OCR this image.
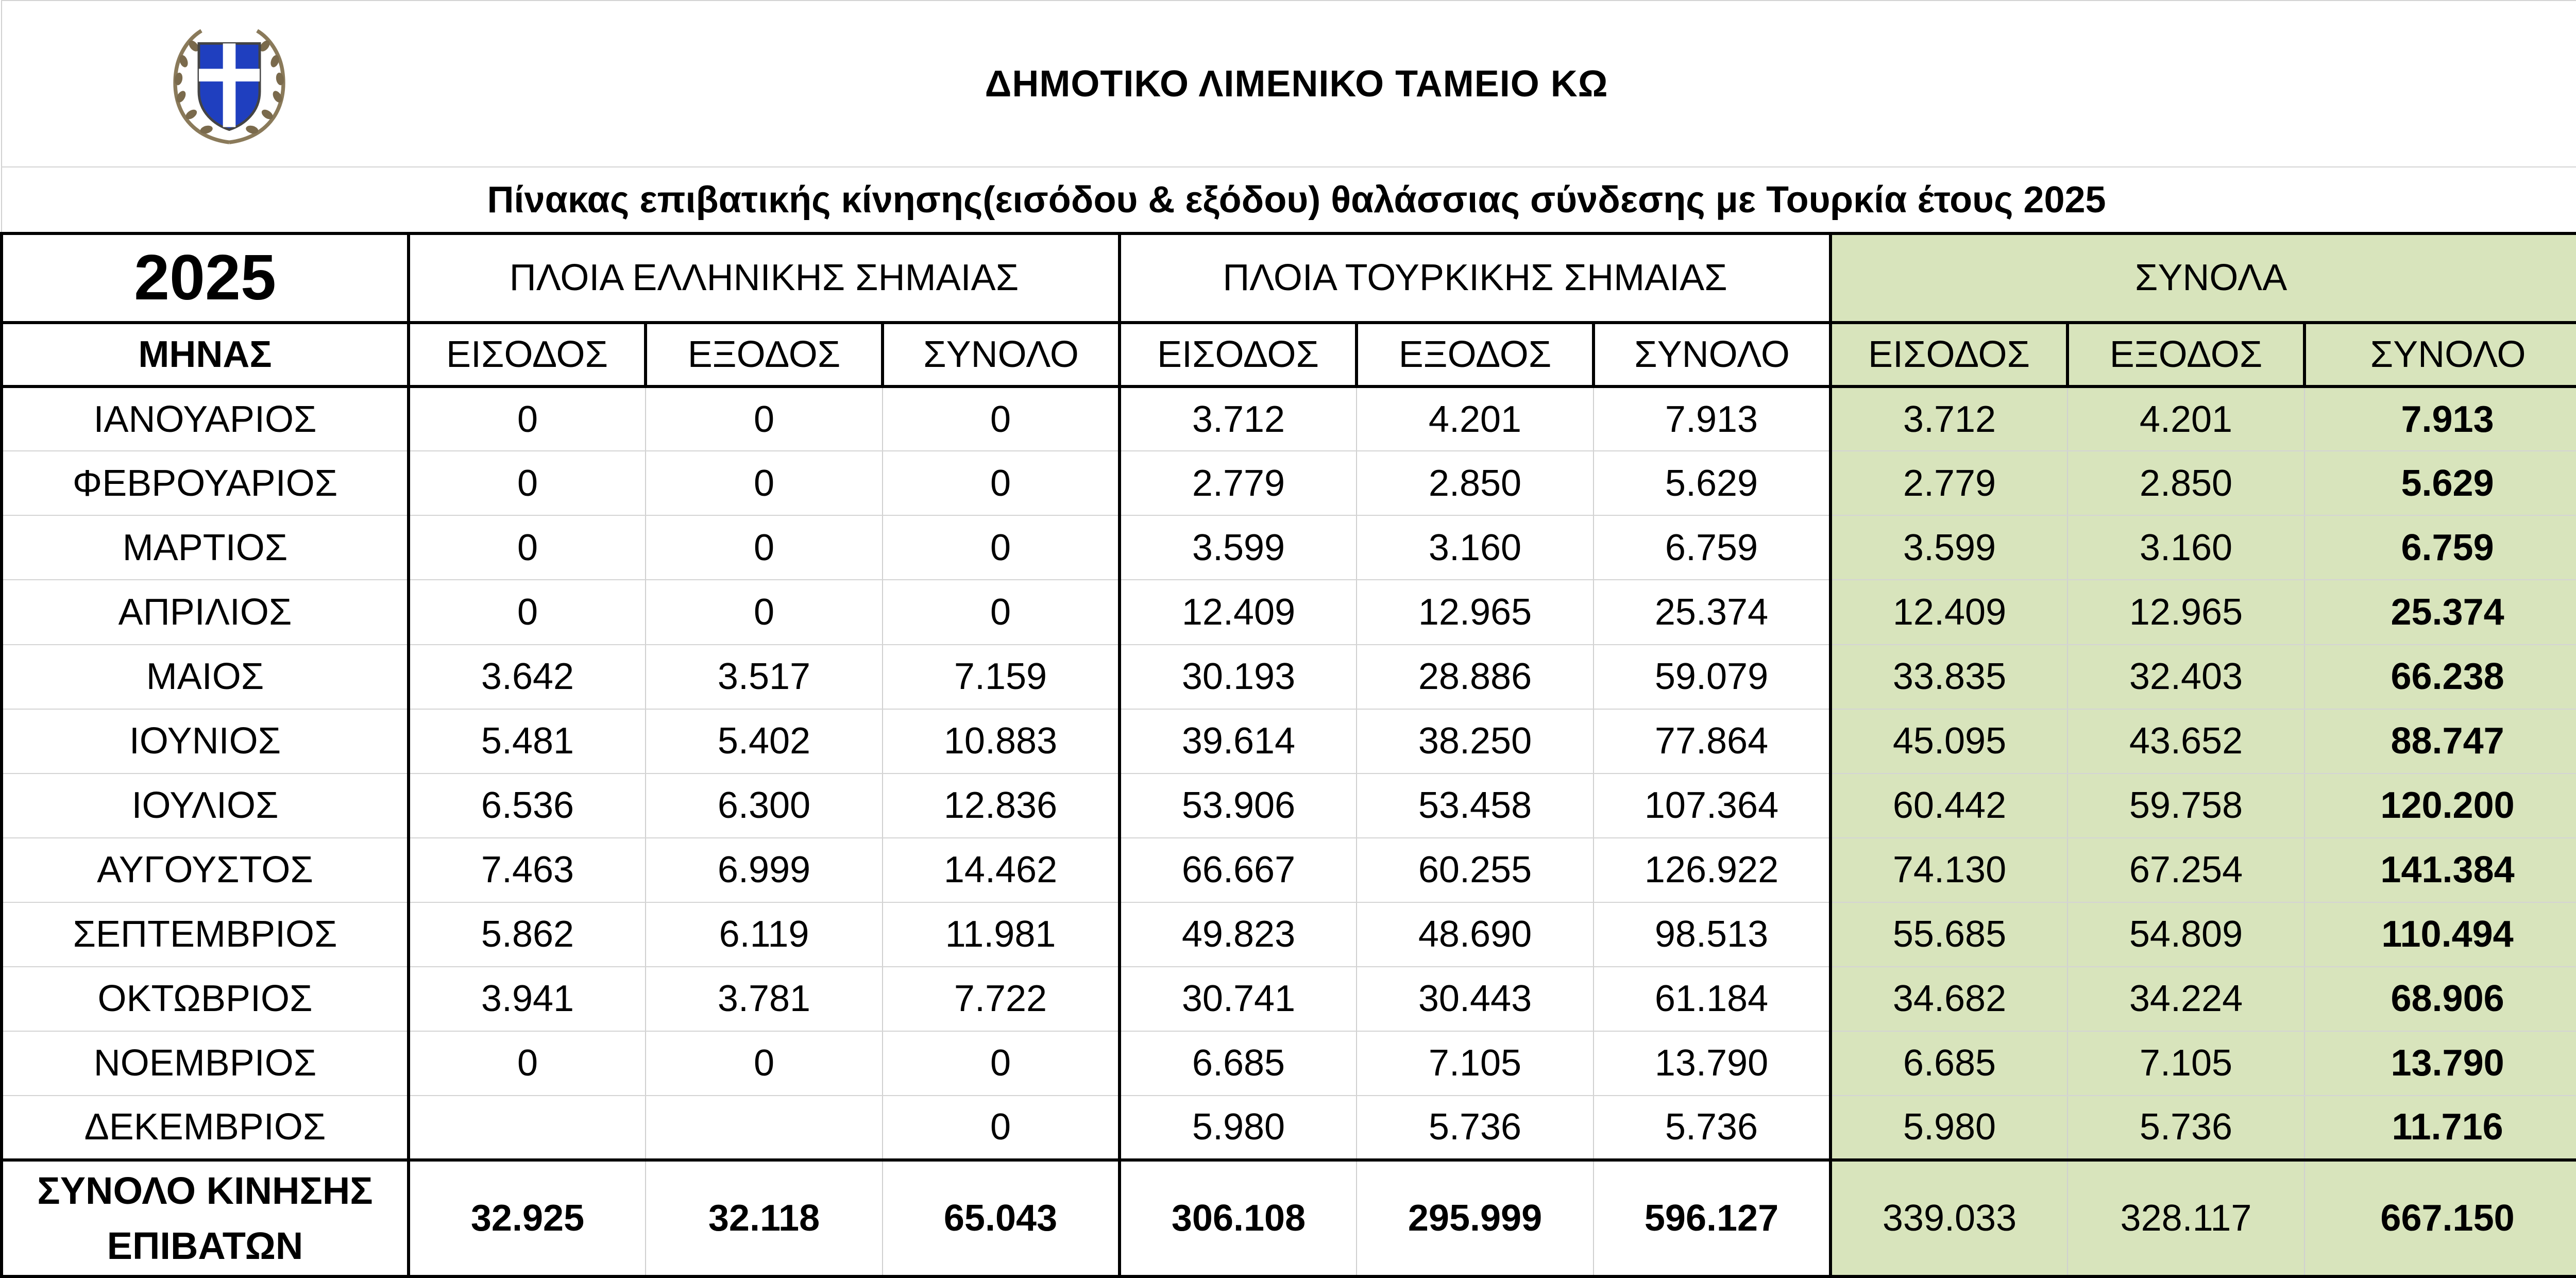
ΔΗΜΟΤΙΚΟ ΛΙΜΕΝΙΚΟ ΤΑΜΕΙΟ ΚΩ									
Πίνακας επιβατικής κίνησης(εισόδου & εξόδου) θαλάσσιας σύνδεσης με Τουρκία έτους 2025									
2025	ΠΛΟΙΑ ΕΛΛΗΝΙΚΗΣ ΣΗΜΑΙΑΣ			ΠΛΟΙΑ ΤΟΥΡΚΙΚΗΣ ΣΗΜΑΙΑΣ			ΣΥΝΟΛΑ		
ΜΗΝΑΣ	ΕΙΣΟΔΟΣ	ΕΞΟΔΟΣ	ΣΥΝΟΛΟ	ΕΙΣΟΔΟΣ	ΕΞΟΔΟΣ	ΣΥΝΟΛΟ	ΕΙΣΟΔΟΣ	ΕΞΟΔΟΣ	ΣΥΝΟΛΟ
ΙΑΝΟΥΑΡΙΟΣ	0	0	0	3.712	4.201	7.913	3.712	4.201	7.913
ΦΕΒΡΟΥΑΡΙΟΣ	0	0	0	2.779	2.850	5.629	2.779	2.850	5.629
ΜΑΡΤΙΟΣ	0	0	0	3.599	3.160	6.759	3.599	3.160	6.759
ΑΠΡΙΛΙΟΣ	0	0	0	12.409	12.965	25.374	12.409	12.965	25.374
ΜΑΙΟΣ	3.642	3.517	7.159	30.193	28.886	59.079	33.835	32.403	66.238
ΙΟΥΝΙΟΣ	5.481	5.402	10.883	39.614	38.250	77.864	45.095	43.652	88.747
ΙΟΥΛΙΟΣ	6.536	6.300	12.836	53.906	53.458	107.364	60.442	59.758	120.200
ΑΥΓΟΥΣΤΟΣ	7.463	6.999	14.462	66.667	60.255	126.922	74.130	67.254	141.384
ΣΕΠΤΕΜΒΡΙΟΣ	5.862	6.119	11.981	49.823	48.690	98.513	55.685	54.809	110.494
ΟΚΤΩΒΡΙΟΣ	3.941	3.781	7.722	30.741	30.443	61.184	34.682	34.224	68.906
ΝΟΕΜΒΡΙΟΣ	0	0	0	6.685	7.105	13.790	6.685	7.105	13.790
ΔΕΚΕΜΒΡΙΟΣ			0	5.980	5.736	5.736	5.980	5.736	11.716
ΣΥΝΟΛΟ ΚΙΝΗΣΗΣ
ΕΠΙΒΑΤΩΝ	32.925	32.118	65.043	306.108	295.999	596.127	339.033	328.117	667.150
